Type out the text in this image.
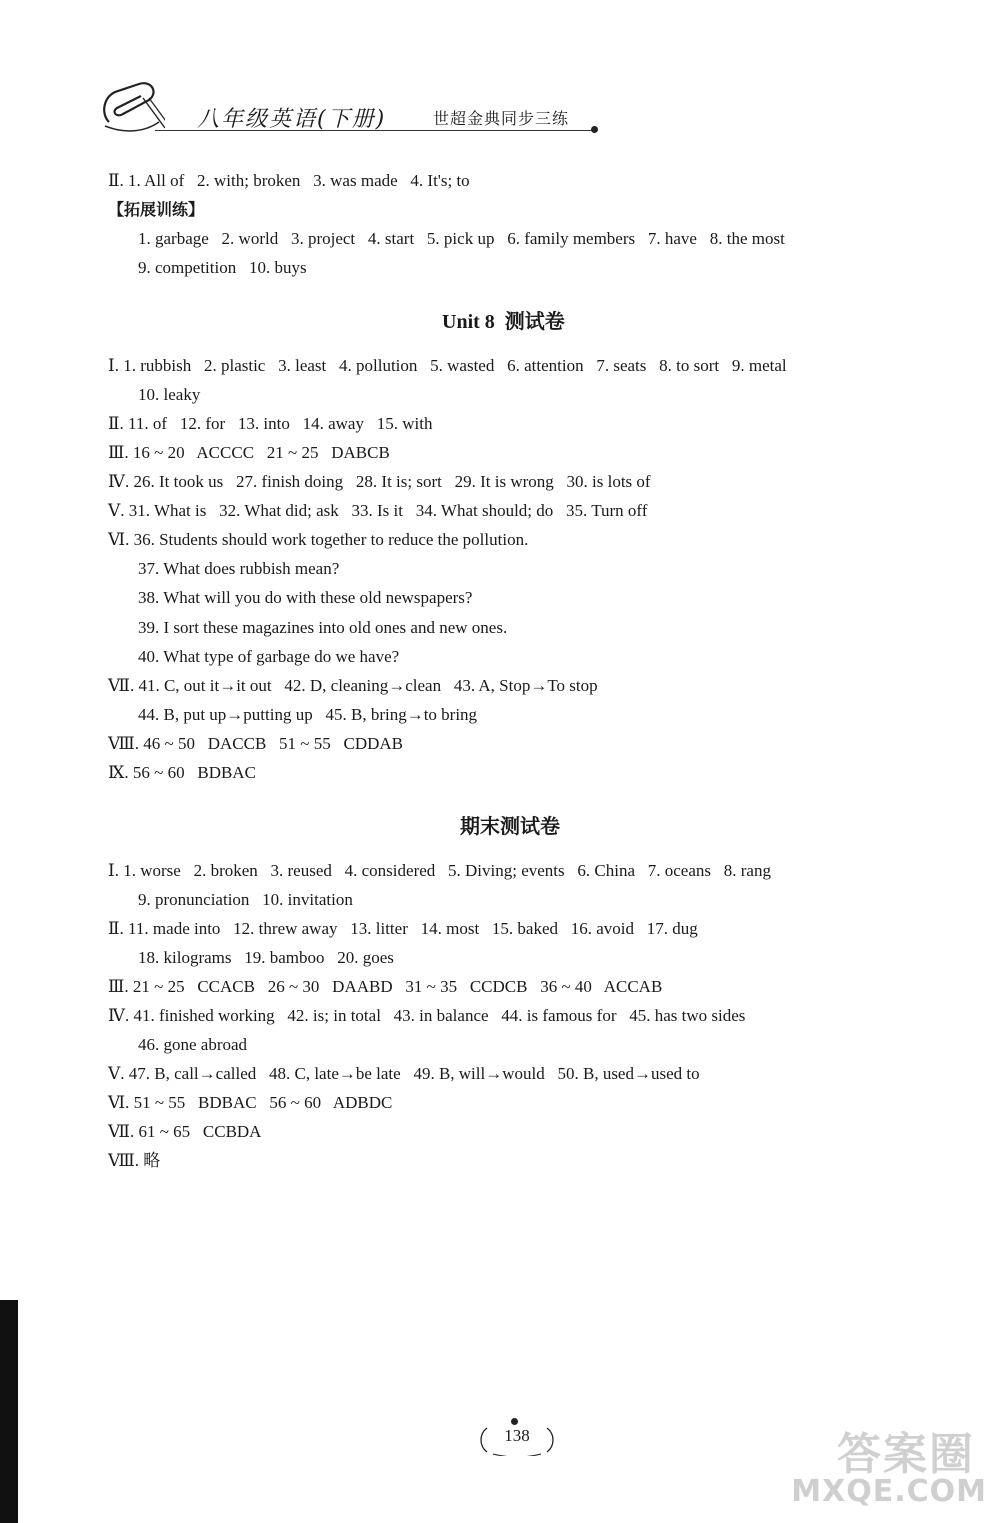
八年级英语(下册)	世超金典同步三练
Ⅱ. 1. All of   2. with; broken   3. was made   4. It's; to
【拓展训练】
1. garbage   2. world   3. project   4. start   5. pick up   6. family members   7. have   8. the most
9. competition   10. buys
Unit 8 测试卷
Ⅰ. 1. rubbish   2. plastic   3. least   4. pollution   5. wasted   6. attention   7. seats   8. to sort   9. metal
10. leaky
Ⅱ. 11. of   12. for   13. into   14. away   15. with
Ⅲ. 16 ~ 20   ACCCC   21 ~ 25   DABCB
Ⅳ. 26. It took us   27. finish doing   28. It is; sort   29. It is wrong   30. is lots of
Ⅴ. 31. What is   32. What did; ask   33. Is it   34. What should; do   35. Turn off
Ⅵ. 36. Students should work together to reduce the pollution.
37. What does rubbish mean?
38. What will you do with these old newspapers?
39. I sort these magazines into old ones and new ones.
40. What type of garbage do we have?
Ⅶ. 41. C, out it→it out   42. D, cleaning→clean   43. A, Stop→To stop
44. B, put up→putting up   45. B, bring→to bring
Ⅷ. 46 ~ 50   DACCB   51 ~ 55   CDDAB
Ⅸ. 56 ~ 60   BDBAC
期末测试卷
Ⅰ. 1. worse   2. broken   3. reused   4. considered   5. Diving; events   6. China   7. oceans   8. rang
9. pronunciation   10. invitation
Ⅱ. 11. made into   12. threw away   13. litter   14. most   15. baked   16. avoid   17. dug
18. kilograms   19. bamboo   20. goes
Ⅲ. 21 ~ 25   CCACB   26 ~ 30   DAABD   31 ~ 35   CCDCB   36 ~ 40   ACCAB
Ⅳ. 41. finished working   42. is; in total   43. in balance   44. is famous for   45. has two sides
46. gone abroad
Ⅴ. 47. B, call→called   48. C, late→be late   49. B, will→would   50. B, used→used to
Ⅵ. 51 ~ 55   BDBAC   56 ~ 60   ADBDC
Ⅶ. 61 ~ 65   CCBDA
Ⅷ. 略
138	答案圈
MXQE.COM
